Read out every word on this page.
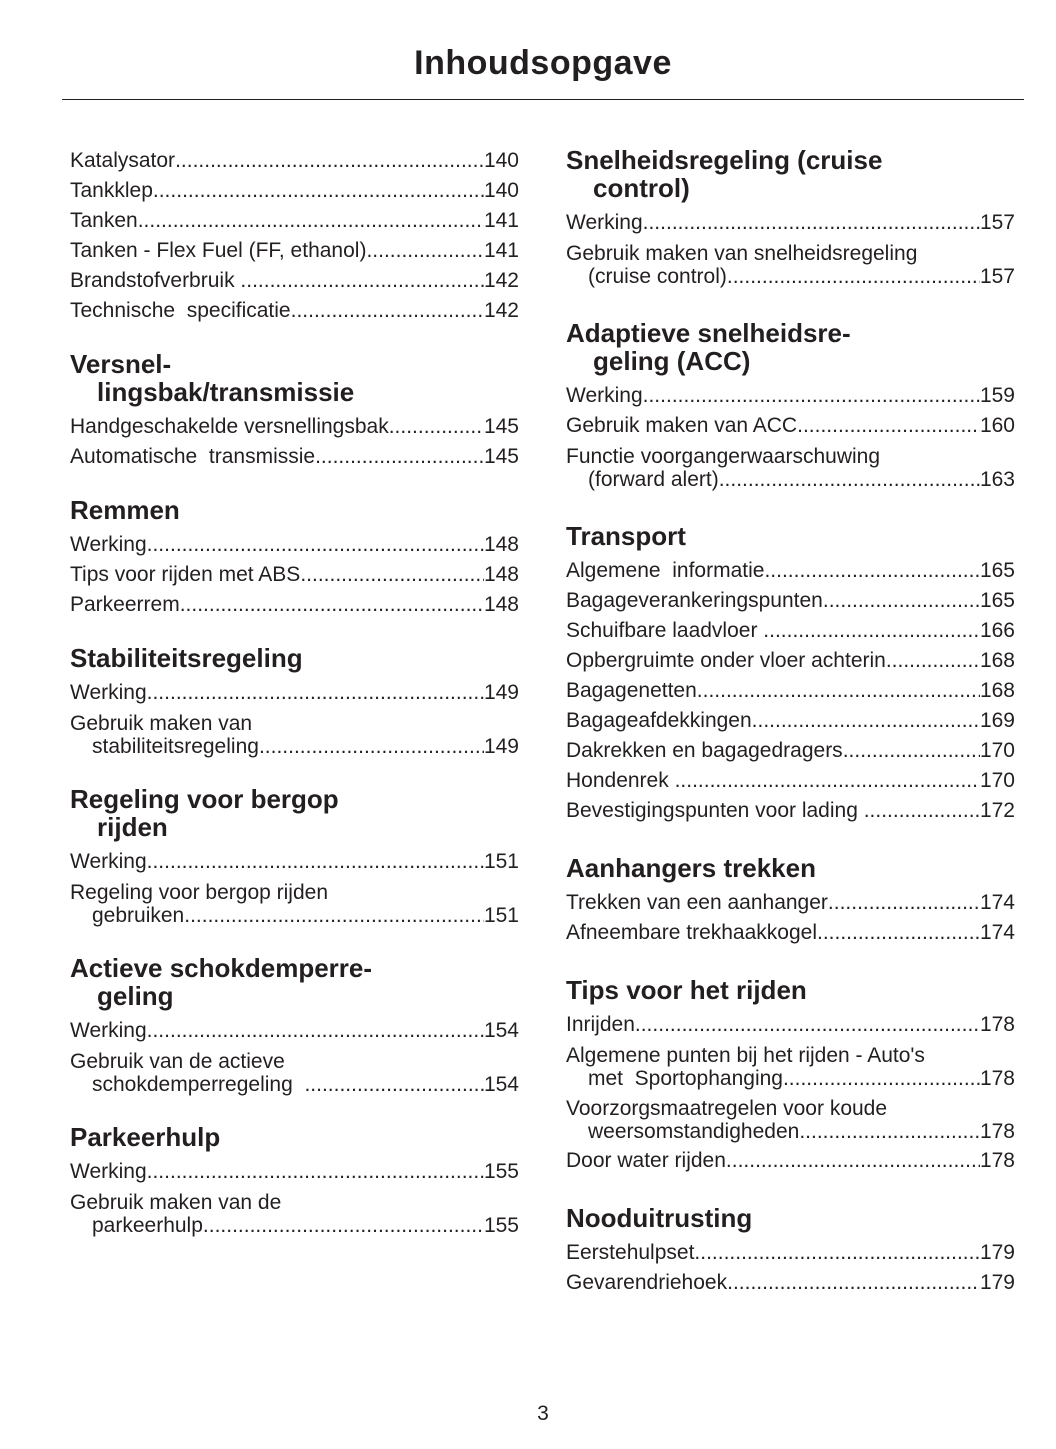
Inhoudsopgave
Katalysator .....	140
Tankklep .....	140
Tanken .....	141
Tanken - Flex Fuel (FF, ethanol) .....	141
Brandstofverbruik .....	142
Technische  specificatie .....	142
Versnel-
lingsbak/transmissie
Handgeschakelde versnellingsbak .....	145
Automatische  transmissie .....	145
Remmen
Werking .....	148
Tips voor rijden met ABS .....	148
Parkeerrem .....	148
Stabiliteitsregeling
Werking .....	149
Gebruik maken van
stabiliteitsregeling .....	149
Regeling voor bergop
rijden
Werking .....	151
Regeling voor bergop rijden
gebruiken .....	151
Actieve schokdemperre-
geling
Werking .....	154
Gebruik van de actieve
schokdemperregeling .....	154
Parkeerhulp
Werking .....	155
Gebruik maken van de
parkeerhulp .....	155
Snelheidsregeling (cruise
control)
Werking .....	157
Gebruik maken van snelheidsregeling
(cruise control) .....	157
Adaptieve snelheidsre-
geling (ACC)
Werking .....	159
Gebruik maken van ACC .....	160
Functie voorgangerwaarschuwing
(forward alert) .....	163
Transport
Algemene  informatie .....	165
Bagageverankeringspunten .....	165
Schuifbare laadvloer .....	166
Opbergruimte onder vloer achterin .....	168
Bagagenetten .....	168
Bagageafdekkingen .....	169
Dakrekken en bagagedragers .....	170
Hondenrek .....	170
Bevestigingspunten voor lading .....	172
Aanhangers trekken
Trekken van een aanhanger .....	174
Afneembare trekhaakkogel .....	174
Tips voor het rijden
Inrijden .....	178
Algemene punten bij het rijden - Auto's
met  Sportophanging .....	178
Voorzorgsmaatregelen voor koude
weersomstandigheden .....	178
Door water rijden .....	178
Nooduitrusting
Eerstehulpset .....	179
Gevarendriehoek .....	179
3
